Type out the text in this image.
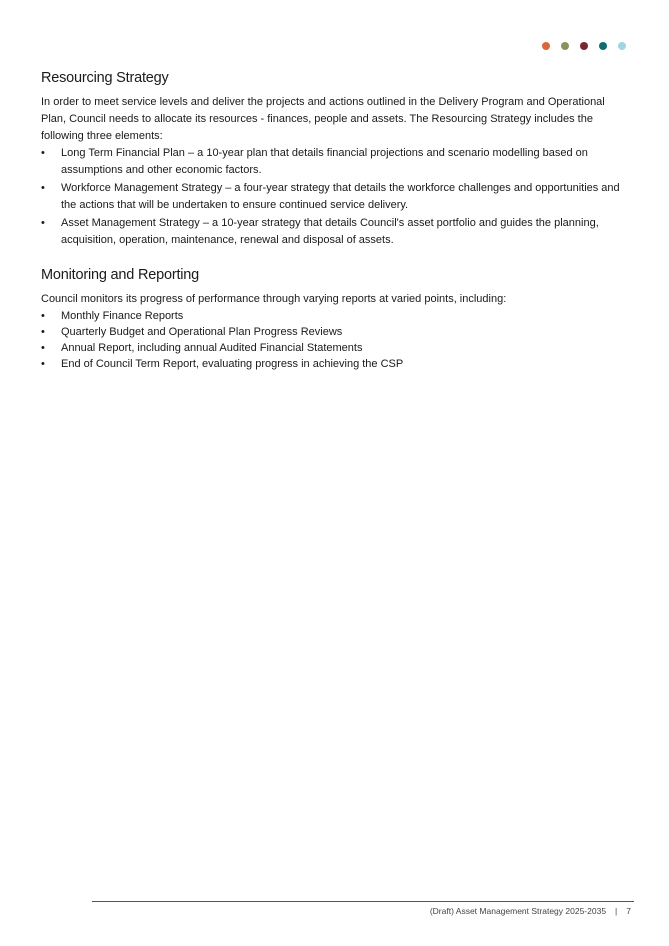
Resourcing Strategy

In order to meet service levels and deliver the projects and actions outlined in the Delivery Program and Operational Plan, Council needs to allocate its resources - finances, people and assets. The Resourcing Strategy includes the following three elements:

• Long Term Financial Plan – a 10-year plan that details financial projections and scenario modelling based on assumptions and other economic factors.
• Workforce Management Strategy – a four-year strategy that details the workforce challenges and opportunities and the actions that will be undertaken to ensure continued service delivery.
• Asset Management Strategy – a 10-year strategy that details Council's asset portfolio and guides the planning, acquisition, operation, maintenance, renewal and disposal of assets.
Monitoring and Reporting

Council monitors its progress of performance through varying reports at varied points, including:

• Monthly Finance Reports
• Quarterly Budget and Operational Plan Progress Reviews
• Annual Report, including annual Audited Financial Statements
• End of Council Term Report, evaluating progress in achieving the CSP
(Draft) Asset Management Strategy 2025-2035 | 7
